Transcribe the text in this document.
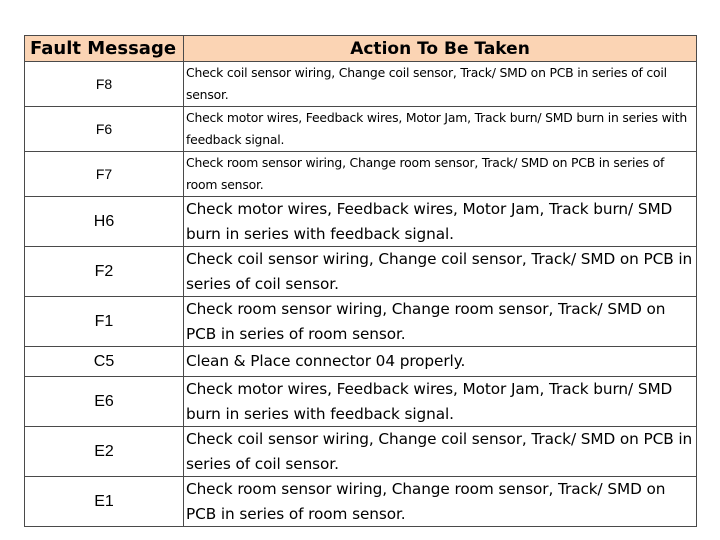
Fault Message	Action To Be Taken
F8	Check coil sensor wiring, Change coil sensor, Track/ SMD on PCB in series of coil sensor.
F6	Check motor wires, Feedback wires, Motor Jam, Track burn/ SMD burn in series with feedback signal.
F7	Check room sensor wiring, Change room sensor, Track/ SMD on PCB in series of room sensor.
H6	Check motor wires, Feedback wires, Motor Jam, Track burn/ SMD burn in series with feedback signal.
F2	Check coil sensor wiring, Change coil sensor, Track/ SMD on PCB in series of coil sensor.
F1	Check room sensor wiring, Change room sensor, Track/ SMD on PCB in series of room sensor.
C5	Clean & Place connector 04 properly.
E6	Check motor wires, Feedback wires, Motor Jam, Track burn/ SMD burn in series with feedback signal.
E2	Check coil sensor wiring, Change coil sensor, Track/ SMD on PCB in series of coil sensor.
E1	Check room sensor wiring, Change room sensor, Track/ SMD on PCB in series of room sensor.
